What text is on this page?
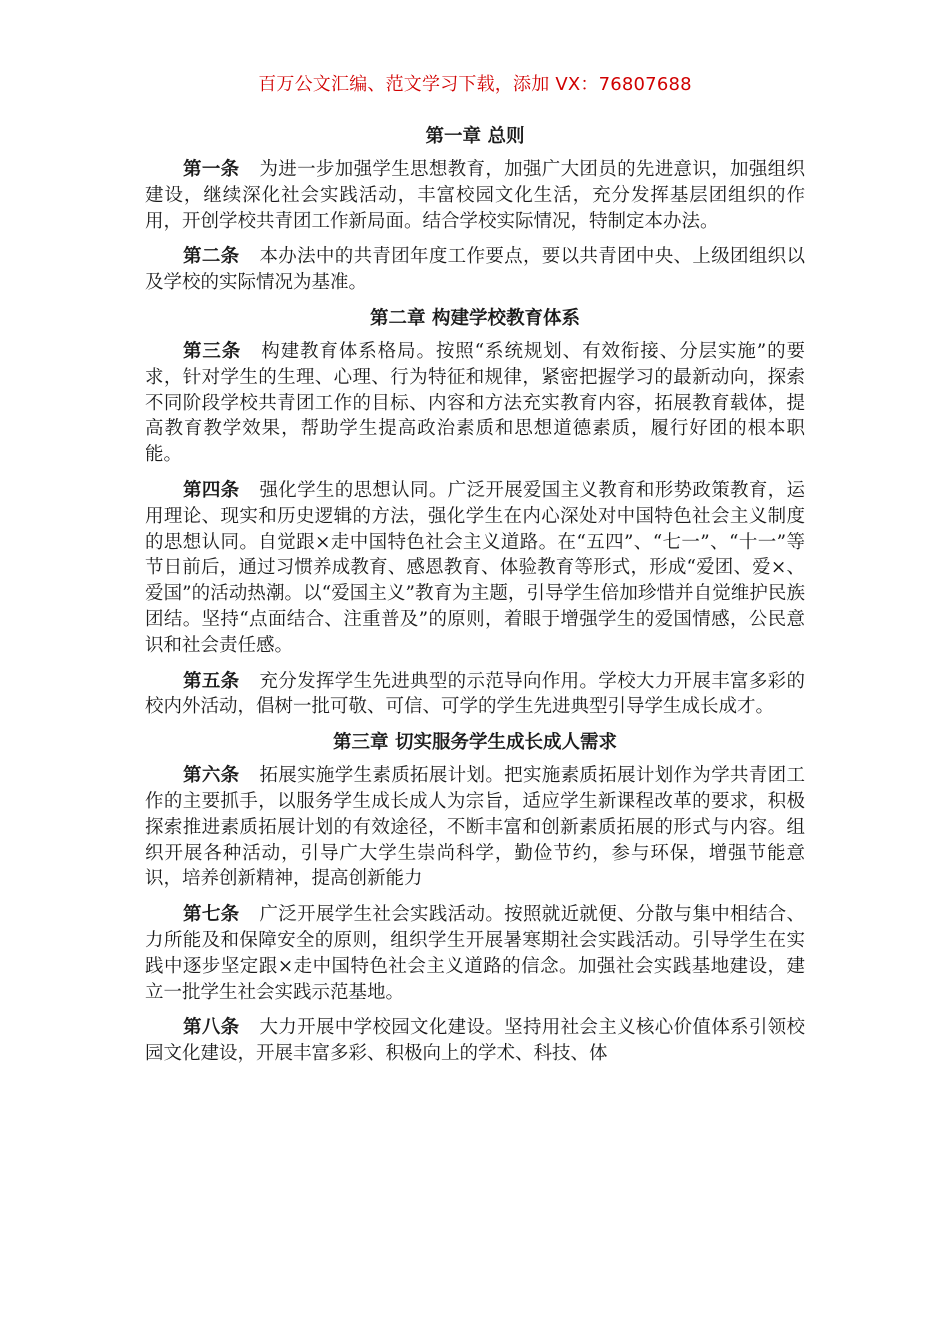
百万公文汇编、范文学习下载，添加 VX：76807688
第一章 总则

第一条 为进一步加强学生思想教育，加强广大团员的先进意识，加强组织建设，继续深化社会实践活动，丰富校园文化生活，充分发挥基层团组织的作用，开创学校共青团工作新局面。结合学校实际情况，特制定本办法。

第二条 本办法中的共青团年度工作要点，要以共青团中央、上级团组织以及学校的实际情况为基准。

第二章 构建学校教育体系

第三条 构建教育体系格局。按照“系统规划、有效衔接、分层实施”的要求，针对学生的生理、心理、行为特征和规律，紧密把握学习的最新动向，探索不同阶段学校共青团工作的目标、内容和方法充实教育内容，拓展教育载体，提高教育教学效果，帮助学生提高政治素质和思想道德素质，履行好团的根本职能。

第四条 强化学生的思想认同。广泛开展爱国主义教育和形势政策教育，运用理论、现实和历史逻辑的方法，强化学生在内心深处对中国特色社会主义制度的思想认同。自觉跟×走中国特色社会主义道路。在“五四”、“七一”、“十一”等节日前后，通过习惯养成教育、感恩教育、体验教育等形式，形成“爱团、爱×、爱国”的活动热潮。以“爱国主义”教育为主题，引导学生倍加珍惜并自觉维护民族团结。坚持“点面结合、注重普及”的原则，着眼于增强学生的爱国情感，公民意识和社会责任感。

第五条 充分发挥学生先进典型的示范导向作用。学校大力开展丰富多彩的校内外活动，倡树一批可敬、可信、可学的学生先进典型引导学生成长成才。

第三章 切实服务学生成长成人需求

第六条 拓展实施学生素质拓展计划。把实施素质拓展计划作为学共青团工作的主要抓手，以服务学生成长成人为宗旨，适应学生新课程改革的要求，积极探索推进素质拓展计划的有效途径，不断丰富和创新素质拓展的形式与内容。组织开展各种活动，引导广大学生崇尚科学，勤俭节约，参与环保，增强节能意识，培养创新精神，提高创新能力

第七条 广泛开展学生社会实践活动。按照就近就便、分散与集中相结合、力所能及和保障安全的原则，组织学生开展暑寒期社会实践活动。引导学生在实践中逐步坚定跟×走中国特色社会主义道路的信念。加强社会实践基地建设，建立一批学生社会实践示范基地。

第八条 大力开展中学校园文化建设。坚持用社会主义核心价值体系引领校园文化建设，开展丰富多彩、积极向上的学术、科技、体
